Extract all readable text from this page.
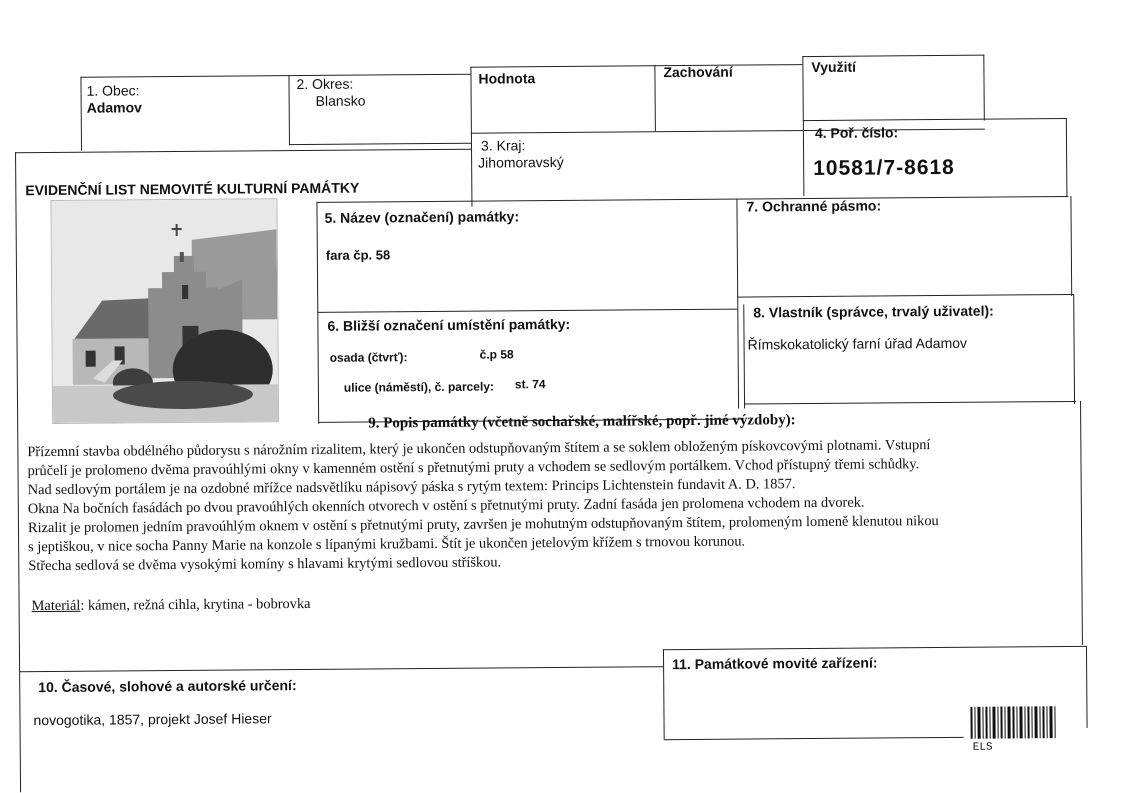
1. Obec:
Adamov
2. Okres:
Blansko
Hodnota	Zachování	Využití
3. Kraj:
Jihomoravský
4. Poř. číslo:
10581/7-8618
EVIDENČNÍ LIST NEMOVITÉ KULTURNÍ PAMÁTKY
5. Název (označení) památky:
fara čp. 58
7. Ochranné pásmo:
6. Bližší označení umístění památky:
osada (čtvrť):	č.p 58
ulice (náměstí), č. parcely: st. 74
8. Vlastník (správce, trvalý uživatel):
Římskokatolický farní úřad Adamov
9. Popis památky (včetně sochařské, malířské, popř. jiné výzdoby):
Přízemní stavba obdélného půdorysu s nárožním rizalitem, který je ukončen odstupňovaným štítem a se soklem obloženým pískovcovými plotnami. Vstupní
průčelí je prolomeno dvěma pravoúhlými okny v kamenném ostění s přetnutými pruty a vchodem se sedlovým portálkem. Vchod přístupný třemi schůdky.
Nad sedlovým portálem je na ozdobné mřížce nadsvětlíku nápisový páska s rytým textem: Princips Lichtenstein fundavit A. D. 1857.
Okna Na bočních fasádách po dvou pravoúhlých okenních otvorech v ostění s přetnutými pruty. Zadní fasáda jen prolomena vchodem na dvorek.
Rizalit je prolomen jedním pravoúhlým oknem v ostění s přetnutými pruty, završen je mohutným odstupňovaným štítem, prolomeným lomeně klenutou nikou
s jeptiškou, v nice socha Panny Marie na konzole s lípanými kružbami. Štít je ukončen jetelovým křížem s trnovou korunou.
Střecha sedlová se dvěma vysokými komíny s hlavami krytými sedlovou stříškou.
Materiál: kámen, režná cihla, krytina - bobrovka
10. Časové, slohové a autorské určení:
novogotika, 1857, projekt Josef Hieser
11. Památkové movité zařízení:
ELS
